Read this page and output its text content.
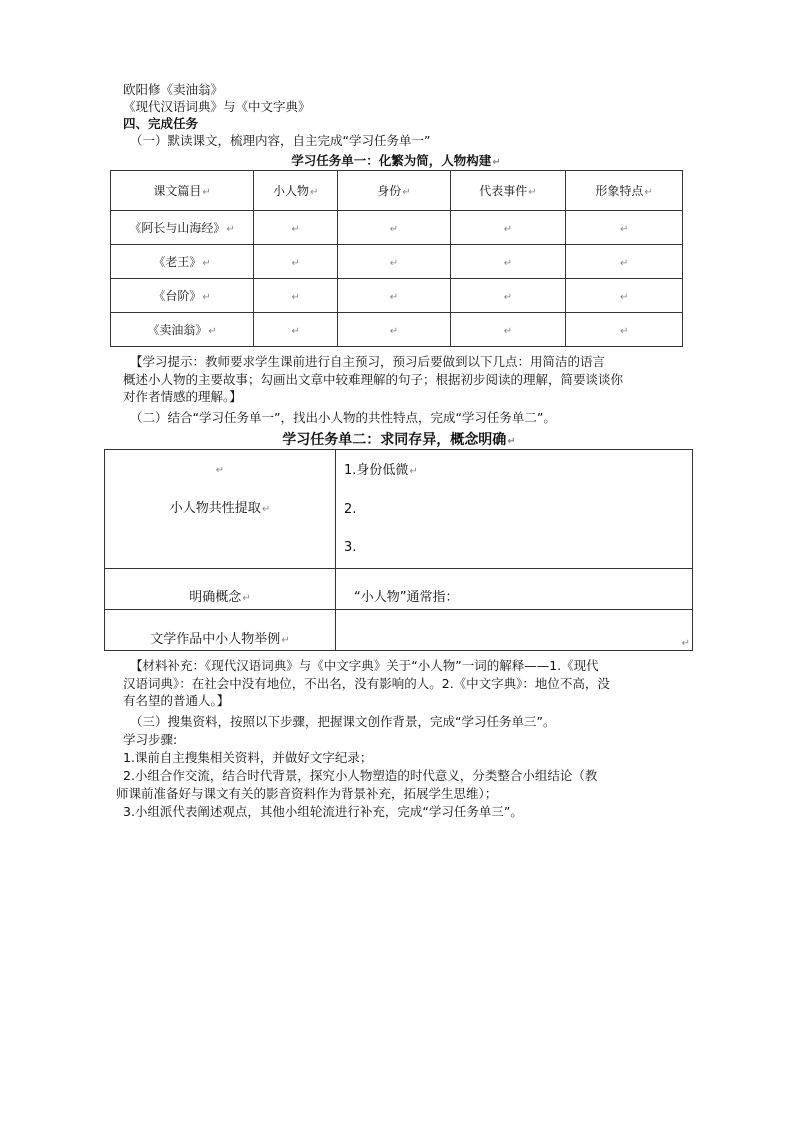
欧阳修《卖油翁》
《现代汉语词典》与《中文字典》
四、完成任务
（一）默读课文，梳理内容，自主完成“学习任务单一”
学习任务单一：化繁为简，人物构建↵
课文篇目↵	小人物↵	身份↵	代表事件↵	形象特点↵
《阿长与山海经》↵	↵	↵	↵	↵
《老王》↵	↵	↵	↵	↵
《台阶》↵	↵	↵	↵	↵
《卖油翁》↵	↵	↵	↵	↵
【学习提示：教师要求学生课前进行自主预习，预习后要做到以下几点：用简洁的语言
概述小人物的主要故事；勾画出文章中较难理解的句子；根据初步阅读的理解，简要谈谈你
对作者情感的理解。】
（二）结合“学习任务单一”，找出小人物的共性特点，完成“学习任务单二”。
学习任务单二：求同存异，概念明确↵
↵
小人物共性提取↵	1.身份低微↵
2.
3.

明确概念↵	“小人物”通常指：
文学作品中小人物举例↵	↵
【材料补充：《现代汉语词典》与《中文字典》关于“小人物”一词的解释——1.《现代
汉语词典》：在社会中没有地位，不出名，没有影响的人。2.《中文字典》：地位不高，没
有名望的普通人。】
（三）搜集资料，按照以下步骤，把握课文创作背景，完成“学习任务单三”。
学习步骤:
1.课前自主搜集相关资料，并做好文字纪录；
2.小组合作交流，结合时代背景，探究小人物塑造的时代意义，分类整合小组结论（教
师课前准备好与课文有关的影音资料作为背景补充，拓展学生思维）；
3.小组派代表阐述观点，其他小组轮流进行补充，完成“学习任务单三”。
